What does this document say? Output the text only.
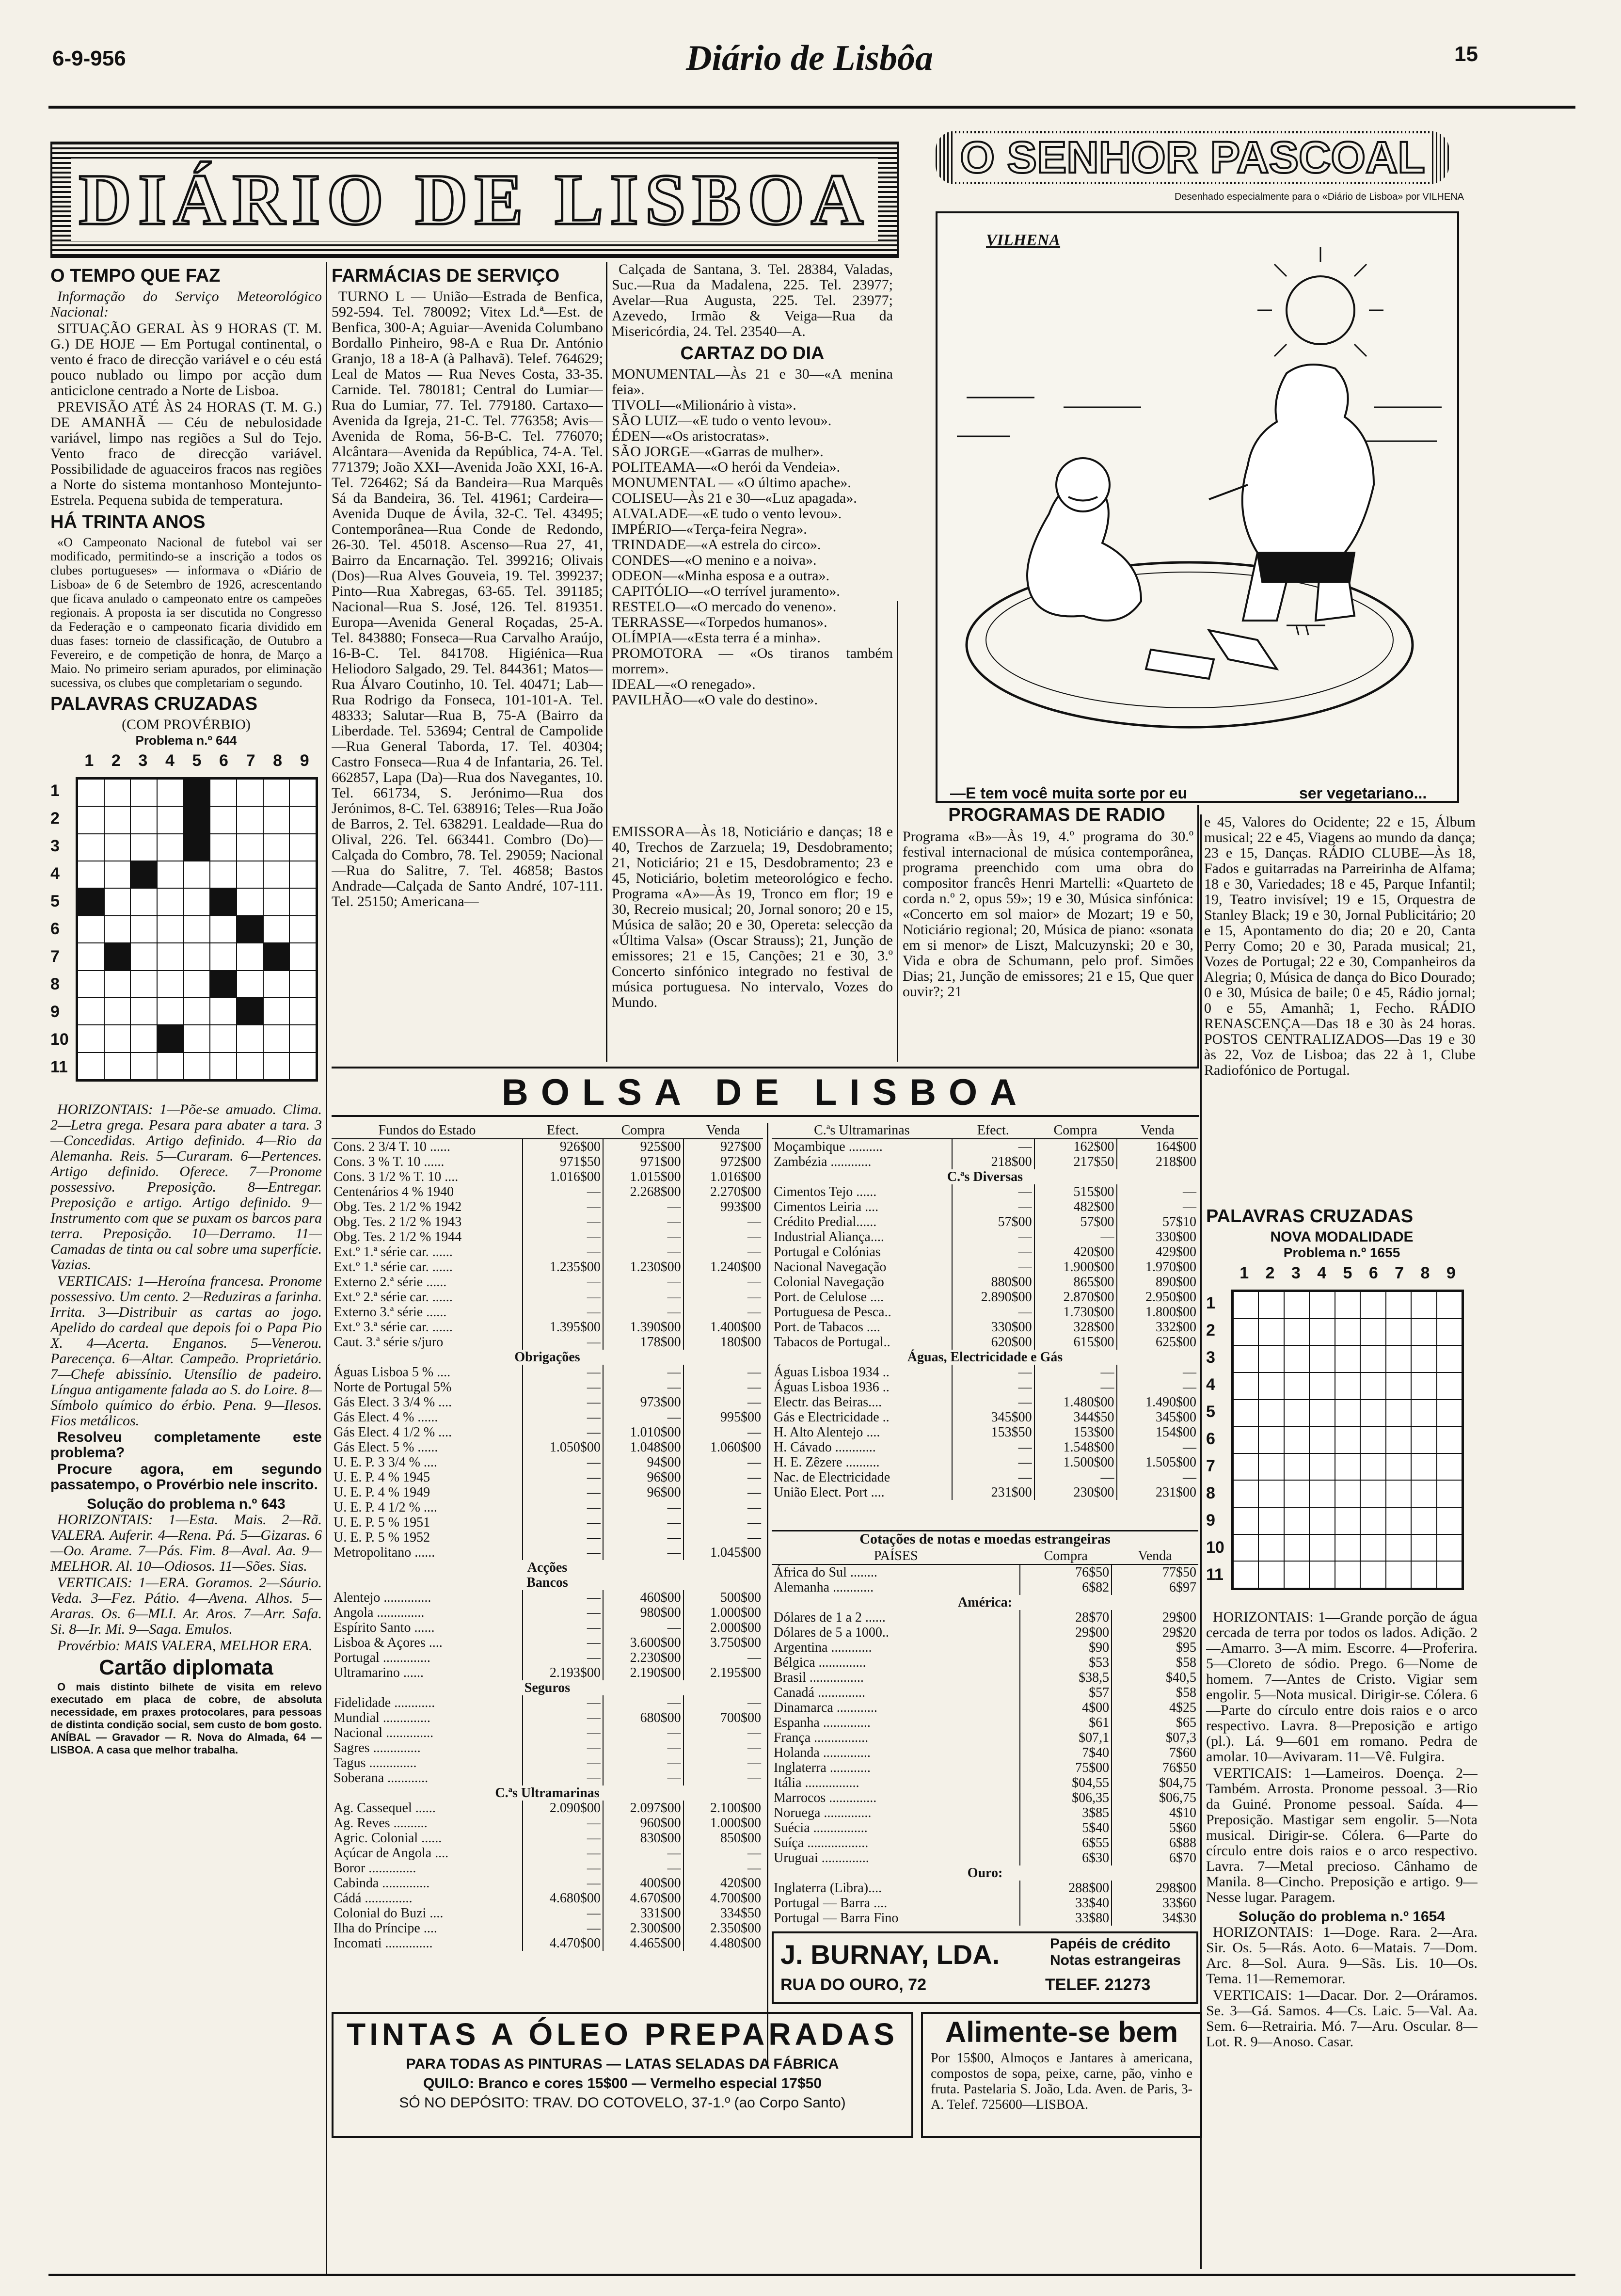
6-9-956	Diário de Lisbôa	15
DIÁRIO DE LISBOA
O SENHOR PASCOAL
Desenhado especialmente para o «Diário de Lisboa» por VILHENA
VILHENA
—E tem você muita sorte por eu	ser vegetariano...
O TEMPO QUE FAZ

Informação do Serviço Meteorológico Nacional:

SITUAÇÃO GERAL ÀS 9 HORAS (T. M. G.) DE HOJE — Em Portugal continental, o vento é fraco de direcção variável e o céu está pouco nublado ou limpo por acção dum anticiclone centrado a Norte de Lisboa.

PREVISÃO ATÉ ÀS 24 HORAS (T. M. G.) DE AMANHÃ — Céu de nebulosidade variável, limpo nas regiões a Sul do Tejo. Vento fraco de direcção variável. Possibilidade de aguaceiros fracos nas regiões a Norte do sistema montanhoso Montejunto-Estrela. Pequena subida de temperatura.

HÁ TRINTA ANOS

«O Campeonato Nacional de futebol vai ser modificado, permitindo-se a inscrição a todos os clubes portugueses» — informava o «Diário de Lisboa» de 6 de Setembro de 1926, acrescentando que ficava anulado o campeonato entre os campeões regionais. A proposta ia ser discutida no Congresso da Federação e o campeonato ficaria dividido em duas fases: torneio de classificação, de Outubro a Fevereiro, e de competição de honra, de Março a Maio. No primeiro seriam apurados, por eliminação sucessiva, os clubes que completariam o segundo.

PALAVRAS CRUZADAS
(COM PROVÉRBIO)
Problema n.º 644
1 2 3 4 5 6 7 8 9
1
2
3
4
5
6
7
8
9
10
11

HORIZONTAIS: 1—Põe-se amuado. Clima. 2—Letra grega. Pesara para abater a tara. 3—Concedidas. Artigo definido. 4—Rio da Alemanha. Reis. 5—Curaram. 6—Pertences. Artigo definido. Oferece. 7—Pronome possessivo. Preposição. 8—Entregar. Preposição e artigo. Artigo definido. 9—Instrumento com que se puxam os barcos para terra. Preposição. 10—Derramo. 11—Camadas de tinta ou cal sobre uma superfície. Vazias.

VERTICAIS: 1—Heroína francesa. Pronome possessivo. Um cento. 2—Reduziras a farinha. Irrita. 3—Distribuir as cartas ao jogo. Apelido do cardeal que depois foi o Papa Pio X. 4—Acerta. Enganos. 5—Venerou. Parecença. 6—Altar. Campeão. Proprietário. 7—Chefe abissínio. Utensílio de padeiro. Língua antigamente falada ao S. do Loire. 8—Símbolo químico do érbio. Pena. 9—Ilesos. Fios metálicos.

Resolveu completamente este problema?

Procure agora, em segundo passatempo, o Provérbio nele inscrito.

Solução do problema n.º 643

HORIZONTAIS: 1—Esta. Mais. 2—Rã. VALERA. Auferir. 4—Rena. Pá. 5—Gizaras. 6—Oo. Arame. 7—Pás. Fim. 8—Aval. Aa. 9—MELHOR. Al. 10—Odiosos. 11—Sões. Sias.

VERTICAIS: 1—ERA. Goramos. 2—Sáurio. Veda. 3—Fez. Pátio. 4—Avena. Alhos. 5—Araras. Os. 6—MLI. Ar. Aros. 7—Arr. Safa. Si. 8—Ir. Mi. 9—Saga. Emulos.

Provérbio: MAIS VALERA, MELHOR ERA.

Cartão diplomata

O mais distinto bilhete de visita em relevo executado em placa de cobre, de absoluta necessidade, em praxes protocolares, para pessoas de distinta condição social, sem custo de bom gosto. ANÍBAL — Gravador — R. Nova do Almada, 64 — LISBOA. A casa que melhor trabalha.

FARMÁCIAS DE SERVIÇO

TURNO L — União—Estrada de Benfica, 592-594. Tel. 780092; Vitex Ld.ª—Est. de Benfica, 300-A; Aguiar—Avenida Columbano Bordallo Pinheiro, 98-A e Rua Dr. António Granjo, 18 a 18-A (à Palhavã). Telef. 764629; Leal de Matos — Rua Neves Costa, 33-35. Carnide. Tel. 780181; Central do Lumiar—Rua do Lumiar, 77. Tel. 779180. Cartaxo—Avenida da Igreja, 21-C. Tel. 776358; Avis—Avenida de Roma, 56-B-C. Tel. 776070; Alcântara—Avenida da República, 74-A. Tel. 771379; João XXI—Avenida João XXI, 16-A. Tel. 726462; Sá da Bandeira—Rua Marquês Sá da Bandeira, 36. Tel. 41961; Cardeira—Avenida Duque de Ávila, 32-C. Tel. 43495; Contemporânea—Rua Conde de Redondo, 26-30. Tel. 45018. Ascenso—Rua 27, 41, Bairro da Encarnação. Tel. 399216; Olivais (Dos)—Rua Alves Gouveia, 19. Tel. 399237; Pinto—Rua Xabregas, 63-65. Tel. 391185; Nacional—Rua S. José, 126. Tel. 819351. Europa—Avenida General Roçadas, 25-A. Tel. 843880; Fonseca—Rua Carvalho Araújo, 16-B-C. Tel. 841708. Higiénica—Rua Heliodoro Salgado, 29. Tel. 844361; Matos—Rua Álvaro Coutinho, 10. Tel. 40471; Lab—Rua Rodrigo da Fonseca, 101-101-A. Tel. 48333; Salutar—Rua B, 75-A (Bairro da Liberdade. Tel. 53694; Central de Campolide—Rua General Taborda, 17. Tel. 40304; Castro Fonseca—Rua 4 de Infantaria, 26. Tel. 662857, Lapa (Da)—Rua dos Navegantes, 10. Tel. 661734, S. Jerónimo—Rua dos Jerónimos, 8-C. Tel. 638916; Teles—Rua João de Barros, 2. Tel. 638291. Lealdade—Rua do Olival, 226. Tel. 663441. Combro (Do)—Calçada do Combro, 78. Tel. 29059; Nacional—Rua do Salitre, 7. Tel. 46858; Bastos Andrade—Calçada de Santo André, 107-111. Tel. 25150; Americana—

Calçada de Santana, 3. Tel. 28384, Valadas, Suc.—Rua da Madalena, 225. Tel. 23977; Avelar—Rua Augusta, 225. Tel. 23977; Azevedo, Irmão & Veiga—Rua da Misericórdia, 24. Tel. 23540—A.

CARTAZ DO DIA
MONUMENTAL—Às 21 e 30—«A menina feia».
TIVOLI—«Milionário à vista».
SÃO LUIZ—«E tudo o vento levou».
ÉDEN—«Os aristocratas».
SÃO JORGE—«Garras de mulher».
POLITEAMA—«O herói da Vendeia».
MONUMENTAL — «O último apache».
COLISEU—Às 21 e 30—«Luz apagada».
ALVALADE—«E tudo o vento levou».
IMPÉRIO—«Terça-feira Negra».
TRINDADE—«A estrela do circo».
CONDES—«O menino e a noiva».
ODEON—«Minha esposa e a outra».
CAPITÓLIO—«O terrível juramento».
RESTELO—«O mercado do veneno».
TERRASSE—«Torpedos humanos».
OLÍMPIA—«Esta terra é a minha».
PROMOTORA — «Os tiranos também morrem».
IDEAL—«O renegado».
PAVILHÃO—«O vale do destino».
PROGRAMAS DE RADIO
EMISSORA—Às 18, Noticiário e danças; 18 e 40, Trechos de Zarzuela; 19, Desdobramento; 21, Noticiário; 21 e 15, Desdobramento; 23 e 45, Noticiário, boletim meteorológico e fecho. Programa «A»—Às 19, Tronco em flor; 19 e 30, Recreio musical; 20, Jornal sonoro; 20 e 15, Música de salão; 20 e 30, Opereta: selecção da «Última Valsa» (Oscar Strauss); 21, Junção de emissores; 21 e 15, Canções; 21 e 30, 3.º Concerto sinfónico integrado no festival de música portuguesa. No intervalo, Vozes do Mundo.
Programa «B»—Às 19, 4.º programa do 30.º festival internacional de música contemporânea, programa preenchido com uma obra do compositor francês Henri Martelli: «Quarteto de corda n.º 2, opus 59»; 19 e 30, Música sinfónica: «Concerto em sol maior» de Mozart; 19 e 50, Noticiário regional; 20, Música de piano: «sonata em si menor» de Liszt, Malcuzynski; 20 e 30, Vida e obra de Schumann, pelo prof. Simões Dias; 21, Junção de emissores; 21 e 15, Que quer ouvir?; 21
e 45, Valores do Ocidente; 22 e 15, Álbum musical; 22 e 45, Viagens ao mundo da dança; 23 e 15, Danças. RÁDIO CLUBE—Às 18, Fados e guitarradas na Parreirinha de Alfama; 18 e 30, Variedades; 18 e 45, Parque Infantil; 19, Teatro invisível; 19 e 15, Orquestra de Stanley Black; 19 e 30, Jornal Publicitário; 20 e 15, Apontamento do dia; 20 e 20, Canta Perry Como; 20 e 30, Parada musical; 21, Vozes de Portugal; 22 e 30, Companheiros da Alegria; 0, Música de dança do Bico Dourado; 0 e 30, Música de baile; 0 e 45, Rádio jornal; 0 e 55, Amanhã; 1, Fecho. RÁDIO RENASCENÇA—Das 18 e 30 às 24 horas. POSTOS CENTRALIZADOS—Das 19 e 30 às 22, Voz de Lisboa; das 22 à 1, Clube Radiofónico de Portugal.
BOLSA DE LISBOA
Fundos do Estado	Efect.	Compra	Venda
Cons. 2 3/4 T. 10 ......	926$00	925$00	927$00
Cons. 3 % T. 10 ......	971$50	971$00	972$00
Cons. 3 1/2 % T. 10 ....	1.016$00	1.015$00	1.016$00
Centenários 4 % 1940	—	2.268$00	2.270$00
Obg. Tes. 2 1/2 % 1942	—	—	993$00
Obg. Tes. 2 1/2 % 1943	—	—	—
Obg. Tes. 2 1/2 % 1944	—	—	—
Ext.º 1.ª série car. ......	—	—	—
Ext.º 1.ª série car. ......	1.235$00	1.230$00	1.240$00
Externo 2.ª série ......	—	—	—
Ext.º 2.ª série car. ......	—	—	—
Externo 3.ª série ......	—	—	—
Ext.º 3.ª série car. ......	1.395$00	1.390$00	1.400$00
Caut. 3.ª série s/juro	—	178$00	180$00
Obrigações			
Águas Lisboa 5 % ....	—	—	—
Norte de Portugal 5%	—	—	—
Gás Elect. 3 3/4 % ....	—	973$00	—
Gás Elect. 4 % ......	—	—	995$00
Gás Elect. 4 1/2 % ....	—	1.010$00	—
Gás Elect. 5 % ......	1.050$00	1.048$00	1.060$00
U. E. P. 3 3/4 % ....	—	94$00	—
U. E. P. 4 % 1945	—	96$00	—
U. E. P. 4 % 1949	—	96$00	—
U. E. P. 4 1/2 % ....	—	—	—
U. E. P. 5 % 1951	—	—	—
U. E. P. 5 % 1952	—	—	—
Metropolitano ......	—	—	1.045$00
Acções			
Bancos			
Alentejo ..............	—	460$00	500$00
Angola ..............	—	980$00	1.000$00
Espírito Santo ......	—	—	2.000$00
Lisboa & Açores ....	—	3.600$00	3.750$00
Portugal ..............	—	2.230$00	—
Ultramarino ......	2.193$00	2.190$00	2.195$00
Seguros			
Fidelidade ............	—	—	—
Mundial ..............	—	680$00	700$00
Nacional ..............	—	—	—
Sagres ..............	—	—	—
Tagus ..............	—	—	—
Soberana ............	—	—	—
C.ªs Ultramarinas			
Ag. Cassequel ......	2.090$00	2.097$00	2.100$00
Ag. Reves ..........	—	960$00	1.000$00
Agric. Colonial ......	—	830$00	850$00
Açúcar de Angola ....	—	—	—
Boror ..............	—	—	—
Cabinda ..............	—	400$00	420$00
Cádá ..............	4.680$00	4.670$00	4.700$00
Colonial do Buzi ....	—	331$00	334$50
Ilha do Príncipe ....	—	2.300$00	2.350$00
Incomati ..............	4.470$00	4.465$00	4.480$00
C.ªs Ultramarinas	Efect.	Compra	Venda
Moçambique ..........	—	162$00	164$00
Zambézia ............	218$00	217$50	218$00
C.ªs Diversas			
Cimentos Tejo ......	—	515$00	—
Cimentos Leiria ....	—	482$00	—
Crédito Predial......	57$00	57$00	57$10
Industrial Aliança....	—	—	330$00
Portugal e Colónias	—	420$00	429$00
Nacional Navegação	—	1.900$00	1.970$00
Colonial Navegação	880$00	865$00	890$00
Port. de Celulose ....	2.890$00	2.870$00	2.950$00
Portuguesa de Pesca..	—	1.730$00	1.800$00
Port. de Tabacos ....	330$00	328$00	332$00
Tabacos de Portugal..	620$00	615$00	625$00
Águas, Electricidade e Gás			
Águas Lisboa 1934 ..	—	—	—
Águas Lisboa 1936 ..	—	—	—
Electr. das Beiras....	—	1.480$00	1.490$00
Gás e Electricidade ..	345$00	344$50	345$00
H. Alto Alentejo ....	153$50	153$00	154$00
H. Cávado ............	—	1.548$00	—
H. E. Zêzere ..........	—	1.500$00	1.505$00
Nac. de Electricidade	—	—	—
União Elect. Port ....	231$00	230$00	231$00
Cotações de notas e moedas estrangeiras
PAÍSES	Compra	Venda
África do Sul ........	76$50	77$50
Alemanha ............	6$82	6$97
América:		
Dólares de 1 a 2 ......	28$70	29$00
Dólares de 5 a 1000..	29$00	29$20
Argentina ............	$90	$95
Bélgica ..............	$53	$58
Brasil ................	$38,5	$40,5
Canadá ..............	$57	$58
Dinamarca ............	4$00	4$25
Espanha ..............	$61	$65
França ................	$07,1	$07,3
Holanda ..............	7$40	7$60
Inglaterra ............	75$00	76$50
Itália ................	$04,55	$04,75
Marrocos ..............	$06,35	$06,75
Noruega ..............	3$85	4$10
Suécia ................	5$40	5$60
Suíça ..................	6$55	6$88
Uruguai ..............	6$30	6$70
Ouro:		
Inglaterra (Libra)....	288$00	298$00
Portugal — Barra ....	33$40	33$60
Portugal — Barra Fino	33$80	34$30
PALAVRAS CRUZADAS
NOVA MODALIDADE
Problema n.º 1655
1 2 3 4 5 6 7 8 9
1
2
3
4
5
6
7
8
9
10
11

HORIZONTAIS: 1—Grande porção de água cercada de terra por todos os lados. Adição. 2—Amarro. 3—A mim. Escorre. 4—Proferira. 5—Cloreto de sódio. Prego. 6—Nome de homem. 7—Antes de Cristo. Vigiar sem engolir. 5—Nota musical. Dirigir-se. Cólera. 6—Parte do círculo entre dois raios e o arco respectivo. Lavra. 8—Preposição e artigo (pl.). Lá. 9—601 em romano. Pedra de amolar. 10—Avivaram. 11—Vê. Fulgira.

VERTICAIS: 1—Lameiros. Doença. 2—Também. Arrosta. Pronome pessoal. 3—Rio da Guiné. Pronome pessoal. Saída. 4—Preposição. Mastigar sem engolir. 5—Nota musical. Dirigir-se. Cólera. 6—Parte do círculo entre dois raios e o arco respectivo. Lavra. 7—Metal precioso. Cânhamo de Manila. 8—Cincho. Preposição e artigo. 9—Nesse lugar. Paragem.

Solução do problema n.º 1654

HORIZONTAIS: 1—Doge. Rara. 2—Ara. Sir. Os. 5—Rás. Aoto. 6—Matais. 7—Dom. Arc. 8—Sol. Aura. 9—Sãs. Lis. 10—Os. Tema. 11—Rememorar.

VERTICAIS: 1—Dacar. Dor. 2—Oráramos. Se. 3—Gá. Samos. 4—Cs. Laic. 5—Val. Aa. Sem. 6—Retrairia. Mó. 7—Aru. Oscular. 8—Lot. R. 9—Anoso. Casar.

J. BURNAY, LDA.	Papéis de crédito
Notas estrangeiras
RUA DO OURO, 72	TELEF. 21273
TINTAS A ÓLEO PREPARADAS
PARA TODAS AS PINTURAS — LATAS SELADAS DA FÁBRICA
QUILO: Branco e cores 15$00 — Vermelho especial 17$50
SÓ NO DEPÓSITO: TRAV. DO COTOVELO, 37-1.º (ao Corpo Santo)
Alimente-se bem
Por 15$00, Almoços e Jantares à americana, compostos de sopa, peixe, carne, pão, vinho e fruta. Pastelaria S. João, Lda. Aven. de Paris, 3-A. Telef. 725600—LISBOA.
